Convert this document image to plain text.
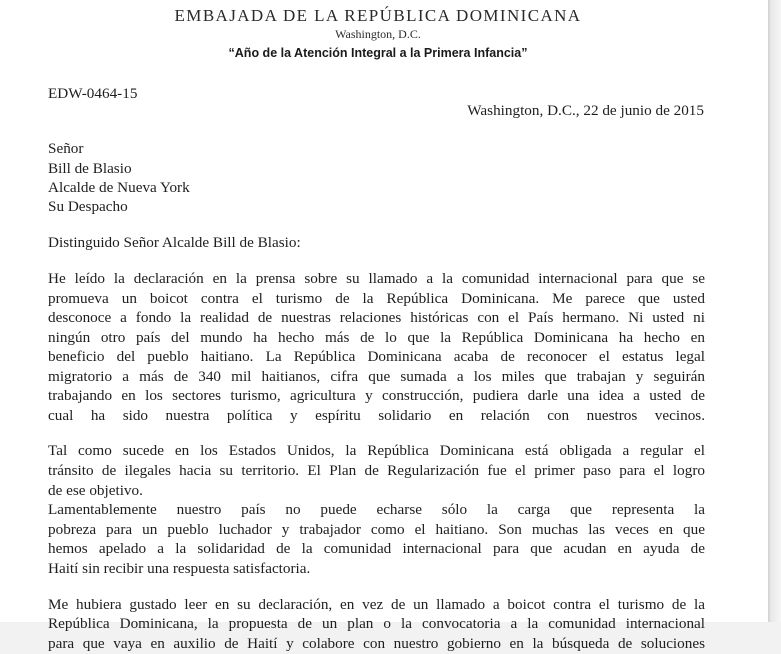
EMBAJADA DE LA REPÚBLICA DOMINICANA

Washington, D.C.

“Año de la Atención Integral a la Primera Infancia”

EDW-0464-15

Washington, D.C., 22 de junio de 2015

Señor

Bill de Blasio

Alcalde de Nueva York

Su Despacho

Distinguido Señor Alcalde Bill de Blasio:

He leído la declaración en la prensa sobre su llamado a la comunidad internacional para que se

promueva un boicot contra el turismo de la República Dominicana. Me parece que usted

desconoce a fondo la realidad de nuestras relaciones históricas con el País hermano. Ni usted ni

ningún otro país del mundo ha hecho más de lo que la República Dominicana ha hecho en

beneficio del pueblo haitiano. La República Dominicana acaba de reconocer el estatus legal

migratorio a más de 340 mil haitianos, cifra que sumada a los miles que trabajan y seguirán

trabajando en los sectores turismo, agricultura y construcción, pudiera darle una idea a usted de

cual ha sido nuestra política y espíritu solidario en relación con nuestros vecinos.

Tal como sucede en los Estados Unidos, la República Dominicana está obligada a regular el

tránsito de ilegales hacia su territorio. El Plan de Regularización fue el primer paso para el logro

de ese objetivo.

Lamentablemente nuestro país no puede echarse sólo la carga que representa la

pobreza para un pueblo luchador y trabajador como el haitiano. Son muchas las veces en que

hemos apelado a la solidaridad de la comunidad internacional para que acudan en ayuda de

Haití sin recibir una respuesta satisfactoria.

Me hubiera gustado leer en su declaración, en vez de un llamado a boicot contra el turismo de la

República Dominicana, la propuesta de un plan o la convocatoria a la comunidad internacional

para que vaya en auxilio de Haití y colabore con nuestro gobierno en la búsqueda de soluciones
